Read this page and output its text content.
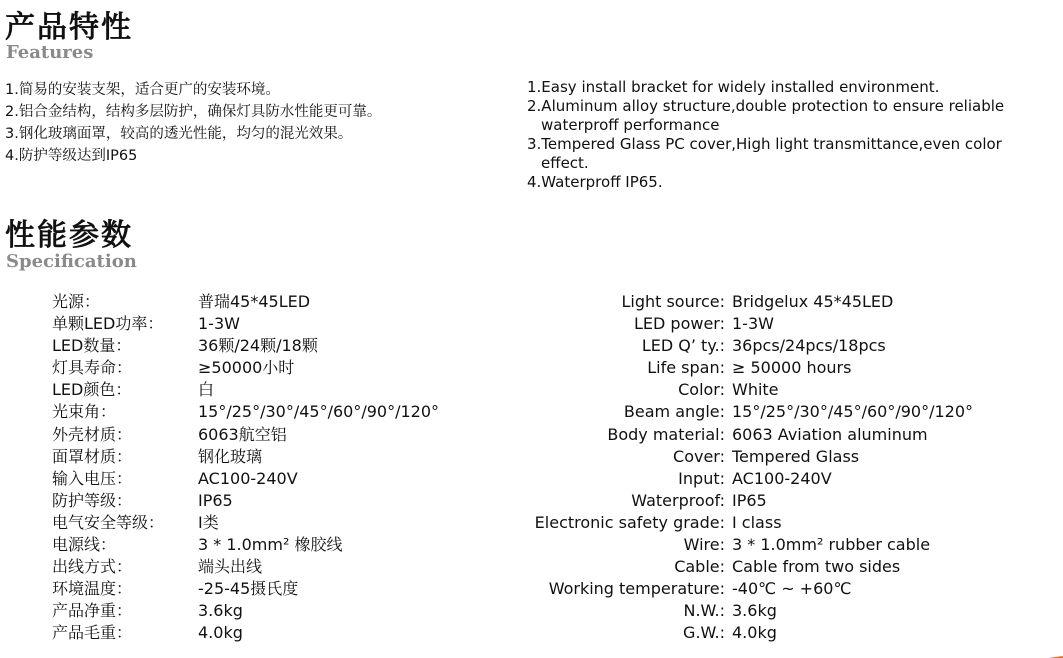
产品特性
Features
1.简易的安装支架，适合更广的安装环境。
2.铝合金结构，结构多层防护，确保灯具防水性能更可靠。
3.钢化玻璃面罩，较高的透光性能，均匀的混光效果。
4.防护等级达到IP65
1.Easy install bracket for widely installed environment.
2.Aluminum alloy structure,double protection to ensure reliable
waterproff performance
3.Tempered Glass PC cover,High light transmittance,even color
effect.
4.Waterproff IP65.
性能参数
Specification
光源：	普瑞45*45LED
单颗LED功率：	1-3W
LED数量：	36颗/24颗/18颗
灯具寿命：	≥50000小时
LED颜色：	白
光束角：	15°/25°/30°/45°/60°/90°/120°
外壳材质：	6063航空铝
面罩材质：	钢化玻璃
输入电压：	AC100-240V
防护等级：	IP65
电气安全等级：	Ⅰ类
电源线：	3 * 1.0mm² 橡胶线
出线方式：	端头出线
环境温度：	-25-45摄氏度
产品净重：	3.6kg
产品毛重：	4.0kg
Light source: Bridgelux 45*45LED
LED power: 1-3W
LED Q’ ty.: 36pcs/24pcs/18pcs
Life span: ≥ 50000 hours
Color: White
Beam angle: 15°/25°/30°/45°/60°/90°/120°
Body material: 6063 Aviation aluminum
Cover: Tempered Glass
Input: AC100-240V
Waterproof: IP65
Electronic safety grade: Ⅰ class
Wire: 3 * 1.0mm² rubber cable
Cable: Cable from two sides
Working temperature: -40℃ ~ +60℃
N.W.: 3.6kg
G.W.: 4.0kg
